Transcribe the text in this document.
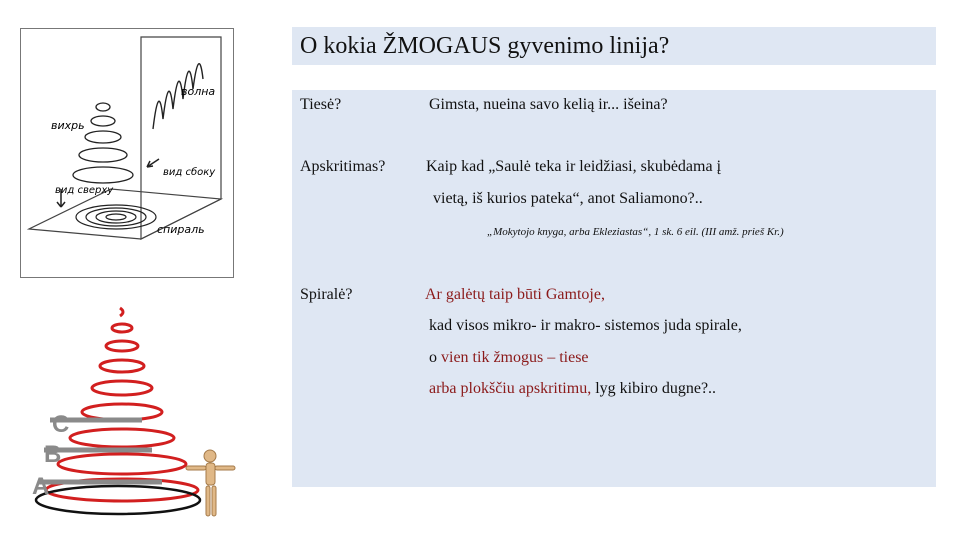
O kokia ŽMOGAUS gyvenimo linija?
Tiesė?	Gimsta, nueina savo kelią ir... išeina?
Apskritimas?	Kaip kad „Saulė teka ir leidžiasi, skubėdama į
vietą, iš kurios pateka“, anot Saliamono?..
„Mokytojo knyga, arba Ekleziastas“, 1 sk. 6 eil. (III amž. prieš Kr.)
Spiralė?	Ar galėtų taip būti Gamtoje,
kad visos mikro- ir makro- sistemos juda spirale,
o vien tik žmogus – tiese
arba plokščiu apskritimu, lyg kibiro dugne?..
вихрь
волна
вид сбоку
вид сверху
спираль
C
B
A
